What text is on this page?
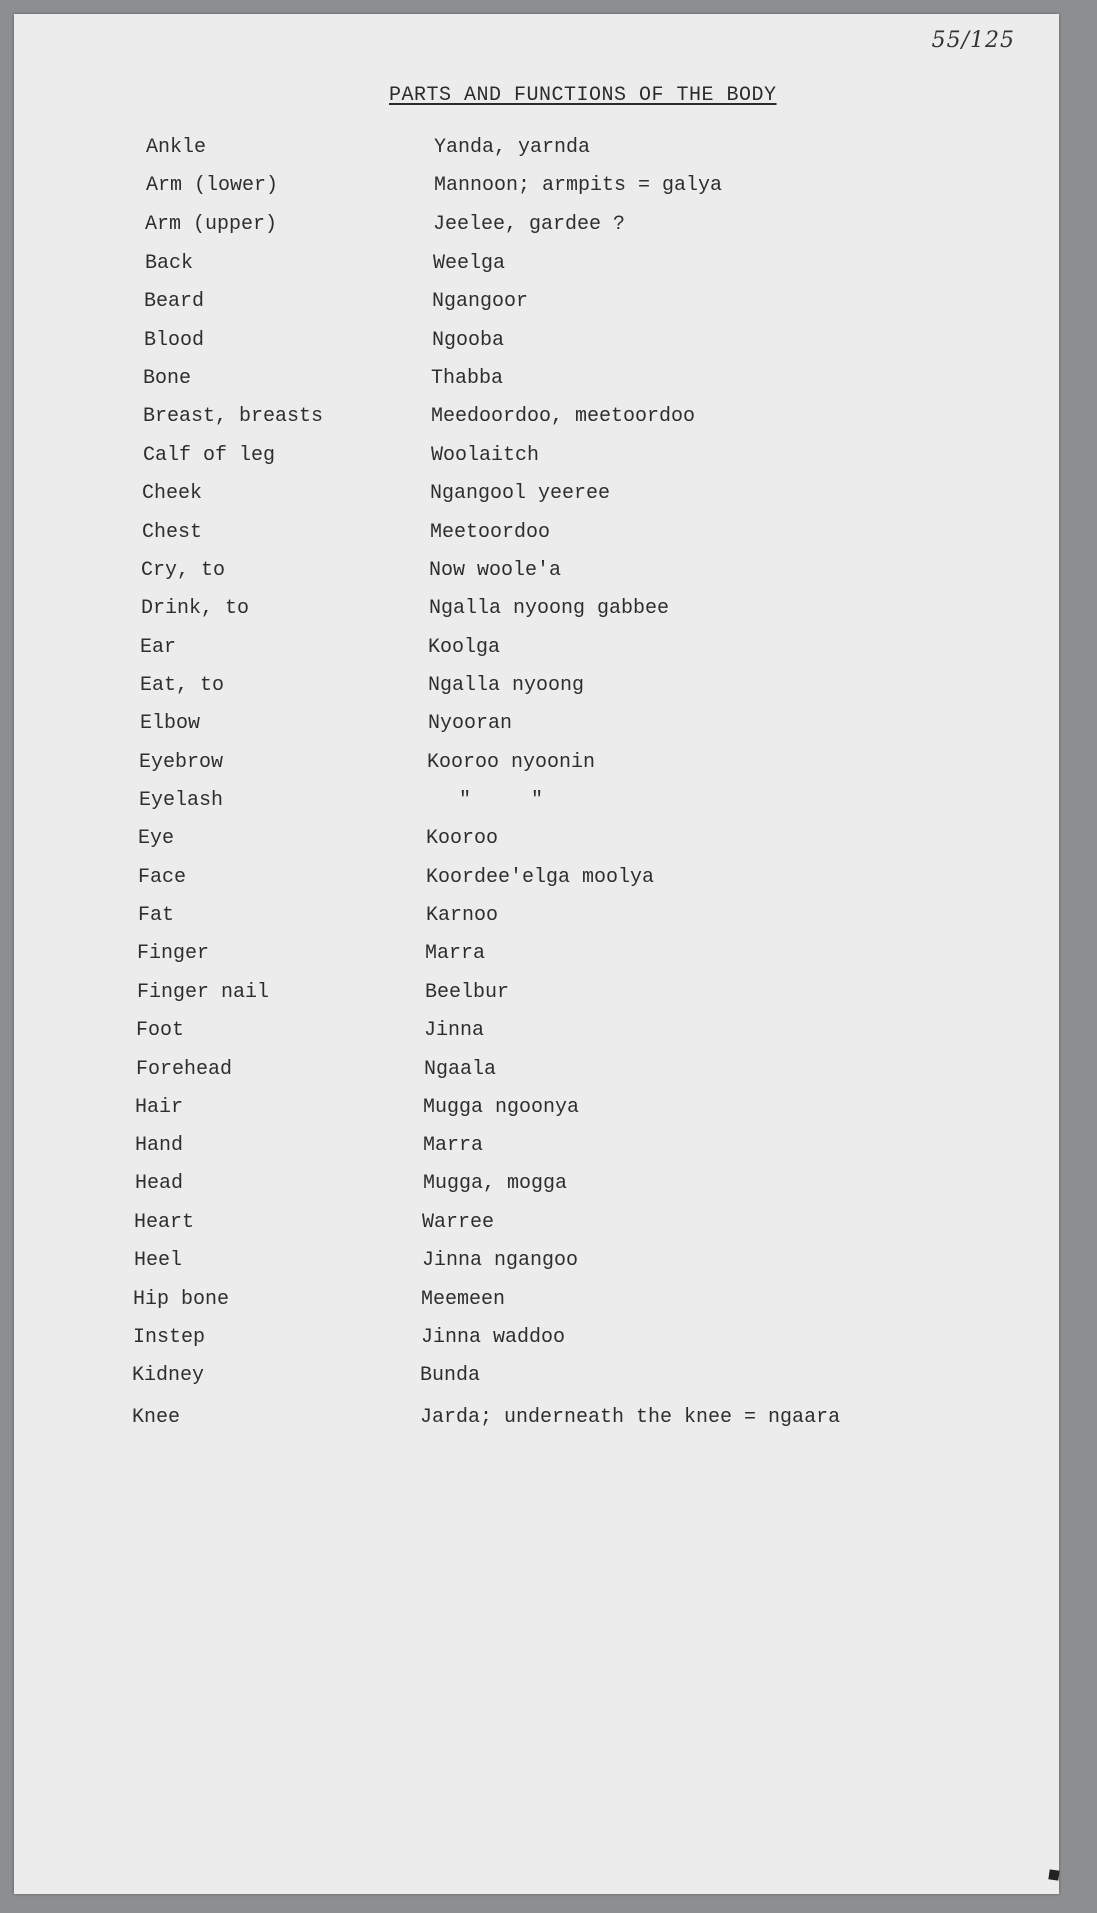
55/125
PARTS AND FUNCTIONS OF THE BODY
Ankle	Yanda, yarnda
Arm (lower)	Mannoon; armpits = galya
Arm (upper)	Jeelee, gardee ?
Back	Weelga
Beard	Ngangoor
Blood	Ngooba
Bone	Thabba
Breast, breasts	Meedoordoo, meetoordoo
Calf of leg	Woolaitch
Cheek	Ngangool yeeree
Chest	Meetoordoo
Cry, to	Now woole'a
Drink, to	Ngalla nyoong gabbee
Ear	Koolga
Eat, to	Ngalla nyoong
Elbow	Nyooran
Eyebrow	Kooroo nyoonin
Eyelash	"     "
Eye	Kooroo
Face	Koordee'elga moolya
Fat	Karnoo
Finger	Marra
Finger nail	Beelbur
Foot	Jinna
Forehead	Ngaala
Hair	Mugga ngoonya
Hand	Marra
Head	Mugga, mogga
Heart	Warree
Heel	Jinna ngangoo
Hip bone	Meemeen
Instep	Jinna waddoo
Kidney	Bunda
Knee	Jarda; underneath the knee = ngaara
